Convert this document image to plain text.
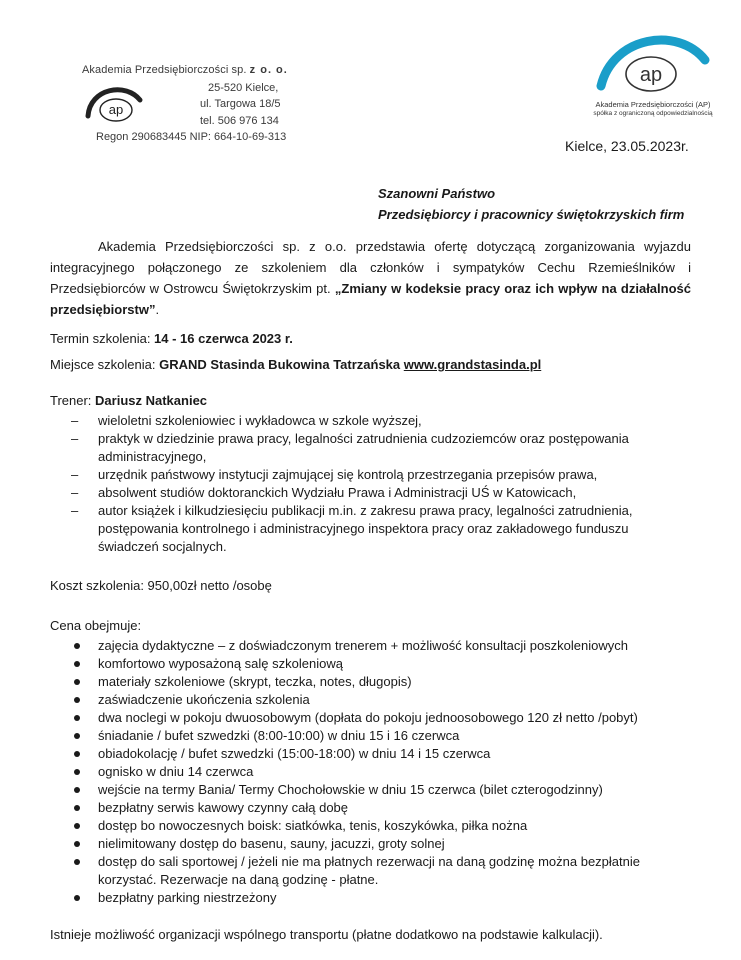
Akademia Przedsiębiorczości sp. z o. o.
ap
25-520 Kielce,
ul. Targowa 18/5
tel. 506 976 134
Regon 290683445 NIP: 664-10-69-313
ap
Akademia Przedsiębiorczości (AP)
spółka z ograniczoną odpowiedzialnością
Kielce, 23.05.2023r.
Szanowni Państwo
Przedsiębiorcy i pracownicy świętokrzyskich firm
Akademia Przedsiębiorczości sp. z o.o. przedstawia ofertę dotyczącą zorganizowania wyjazdu integracyjnego połączonego ze szkoleniem dla członków i sympatyków Cechu Rzemieślników i Przedsiębiorców w Ostrowcu Świętokrzyskim pt. „Zmiany w kodeksie pracy oraz ich wpływ na działalność przedsiębiorstw”.
Termin szkolenia: 14 - 16 czerwca 2023 r.
Miejsce szkolenia: GRAND Stasinda Bukowina Tatrzańska www.grandstasinda.pl
Trener: Dariusz Natkaniec
– wieloletni szkoleniowiec i wykładowca w szkole wyższej,
– praktyk w dziedzinie prawa pracy, legalności zatrudnienia cudzoziemców oraz postępowania administracyjnego,
– urzędnik państwowy instytucji zajmującej się kontrolą przestrzegania przepisów prawa,
– absolwent studiów doktoranckich Wydziału Prawa i Administracji UŚ w Katowicach,
– autor książek i kilkudziesięciu publikacji m.in. z zakresu prawa pracy, legalności zatrudnienia, postępowania kontrolnego i administracyjnego inspektora pracy oraz zakładowego funduszu świadczeń socjalnych.
Koszt szkolenia: 950,00zł netto /osobę
Cena obejmuje:
zajęcia dydaktyczne – z doświadczonym trenerem + możliwość konsultacji poszkoleniowych
komfortowo wyposażoną salę szkoleniową
materiały szkoleniowe (skrypt, teczka, notes, długopis)
zaświadczenie ukończenia szkolenia
dwa noclegi w pokoju dwuosobowym (dopłata do pokoju jednoosobowego 120 zł netto /pobyt)
śniadanie / bufet szwedzki (8:00-10:00) w dniu 15 i 16 czerwca
obiadokolację / bufet szwedzki (15:00-18:00) w dniu 14 i 15 czerwca
ognisko w dniu 14 czerwca
wejście na termy Bania/ Termy Chochołowskie w dniu 15 czerwca (bilet czterogodzinny)
bezpłatny serwis kawowy czynny całą dobę
dostęp bo nowoczesnych boisk: siatkówka, tenis, koszykówka, piłka nożna
nielimitowany dostęp do basenu, sauny, jacuzzi, groty solnej
dostęp do sali sportowej / jeżeli nie ma płatnych rezerwacji na daną godzinę można bezpłatnie korzystać. Rezerwacje na daną godzinę - płatne.
bezpłatny parking niestrzeżony
Istnieje możliwość organizacji wspólnego transportu (płatne dodatkowo na podstawie kalkulacji).
